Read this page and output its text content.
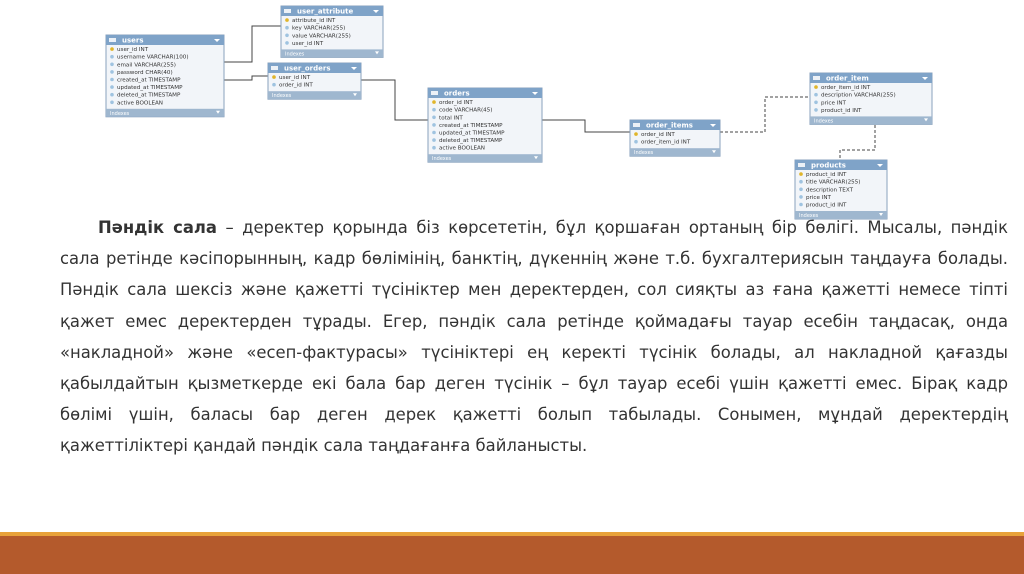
users
user_id INT
username VARCHAR(100)
email VARCHAR(255)
password CHAR(40)
created_at TIMESTAMP
updated_at TIMESTAMP
deleted_at TIMESTAMP
active BOOLEAN
Indexes
user_attribute
attribute_id INT
key VARCHAR(255)
value VARCHAR(255)
user_id INT
Indexes
user_orders
user_id INT
order_id INT
Indexes	orders
order_id INT
code VARCHAR(45)
total INT
created_at TIMESTAMP
updated_at TIMESTAMP
deleted_at TIMESTAMP
active BOOLEAN
Indexes
order_items
order_id INT
order_item_id INT
Indexes
order_item
order_item_id INT
description VARCHAR(255)
price INT
product_id INT
Indexes
products
product_id INT
title VARCHAR(255)
description TEXT
price INT
product_id INT
Indexes

Пәндік сала – деректер қорында біз көрсететін, бұл қоршаған ортаның бір бөлігі. Мысалы, пәндік сала ретінде кәсіпорынның, кадр бөлімінің, банктің, дүкеннің және т.б. бухгалтериясын таңдауға болады. Пәндік сала шексіз және қажетті түсініктер мен деректерден, сол сияқты аз ғана қажетті немесе тіпті қажет емес деректерден тұрады. Егер, пәндік сала ретінде қоймадағы тауар есебін таңдасақ, онда «накладной» және «есеп-фактурасы» түсініктері ең керекті түсінік болады, ал накладной қағазды қабылдайтын қызметкерде екі бала бар деген түсінік – бұл тауар есебі үшін қажетті емес. Бірақ кадр бөлімі үшін, баласы бар деген дерек қажетті болып табылады. Сонымен, мұндай деректердің қажеттіліктері қандай пәндік сала таңдағанға байланысты.
